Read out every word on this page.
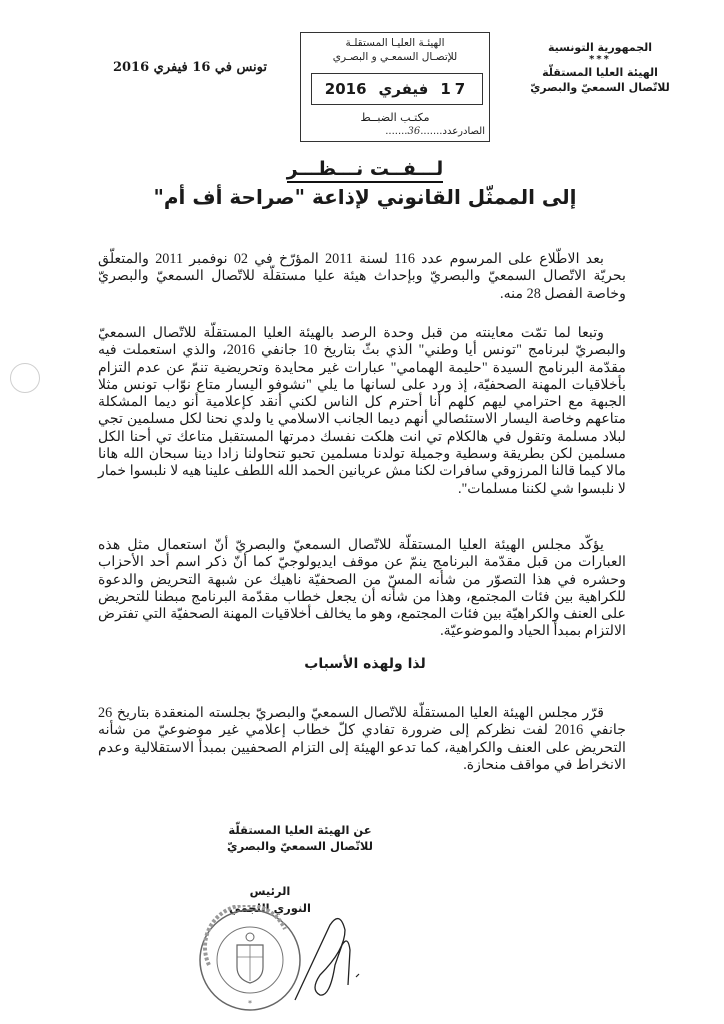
الجمهورية التونسية
***
الهيئة العليا المستقلّة
للاتّصال السمعيّ والبصريّ
الهيئـة العليـا المستقلـة
للإتصـال السمعـي و البصـري
2016 فيفري 17
مكتـب الضبــط
الصادرعدد.......36.......
تونس في 16 فيفري 2016
لـــفــت نـــظـــر
إلى الممثّل القانوني لإذاعة "صراحة أف أم"

بعد الاطّلاع على المرسوم عدد 116 لسنة 2011 المؤرّخ في 02 نوفمبر 2011 والمتعلّق بحريّة الاتّصال السمعيّ والبصريّ وبإحداث هيئة عليا مستقلّة للاتّصال السمعيّ والبصريّ وخاصة الفصل 28 منه.

وتبعا لما تمّت معاينته من قبل وحدة الرصد بالهيئة العليا المستقلّة للاتّصال السمعيّ والبصريّ لبرنامج "تونس أيا وطني" الذي بثّ بتاريخ 10 جانفي 2016، والذي استعملت فيه مقدّمة البرنامج السيدة "حليمة الهمامي" عبارات غير محايدة وتحريضية تنمّ عن عدم التزام بأخلاقيات المهنة الصحفيّة، إذ ورد على لسانها ما يلي "نشوفو اليسار متاع نوّاب تونس مثلا الجبهة مع احترامي ليهم كلهم أنا أحترم كل الناس لكني أنقد كإعلامية أنو ديما المشكلة متاعهم وخاصة اليسار الاستئصالي أنهم ديما الجانب الاسلامي يا ولدي نحنا لكل مسلمين تجي لبلاد مسلمة وتقول في هالكلام تي انت هلكت نفسك دمرتها المستقبل متاعك تي أحنا الكل مسلمين لكن بطريقة وسطية وجميلة تولدنا مسلمين تحبو تنحاولنا زادا دينا سبحان الله هانا مالا كيما قالنا المرزوقي سافرات لكنا مش عريانين الحمد الله اللطف علينا هيه لا نلبسوا خمار لا نلبسوا شي لكننا مسلمات".

يؤكّد مجلس الهيئة العليا المستقلّة للاتّصال السمعيّ والبصريّ أنّ استعمال مثل هذه العبارات من قبل مقدّمة البرنامج ينمّ عن موقف ايديولوجيّ كما أنّ ذكر اسم أحد الأحزاب وحشره في هذا التصوّر من شأنه المسّ من الصحفيّة ناهيك عن شبهة التحريض والدعوة للكراهية بين فئات المجتمع، وهذا من شأنه أن يجعل خطاب مقدّمة البرنامج مبطنا للتحريض على العنف والكراهيّة بين فئات المجتمع، وهو ما يخالف أخلاقيات المهنة الصحفيّة التي تفترض الالتزام بمبدأ الحياد والموضوعيّة.

لذا ولهذه الأسباب

قرّر مجلس الهيئة العليا المستقلّة للاتّصال السمعيّ والبصريّ بجلسته المنعقدة بتاريخ 26 جانفي 2016 لفت نظركم إلى ضرورة تفادي كلّ خطاب إعلامي غير موضوعيّ من شأنه التحريض على العنف والكراهية، كما تدعو الهيئة إلى التزام الصحفيين بمبدأ الاستقلالية وعدم الانخراط في مواقف منحازة.

عن الهيئة العليا المستقلّة
للاتّصال السمعيّ والبصريّ
الرئيس
النوري اللجمي
*
